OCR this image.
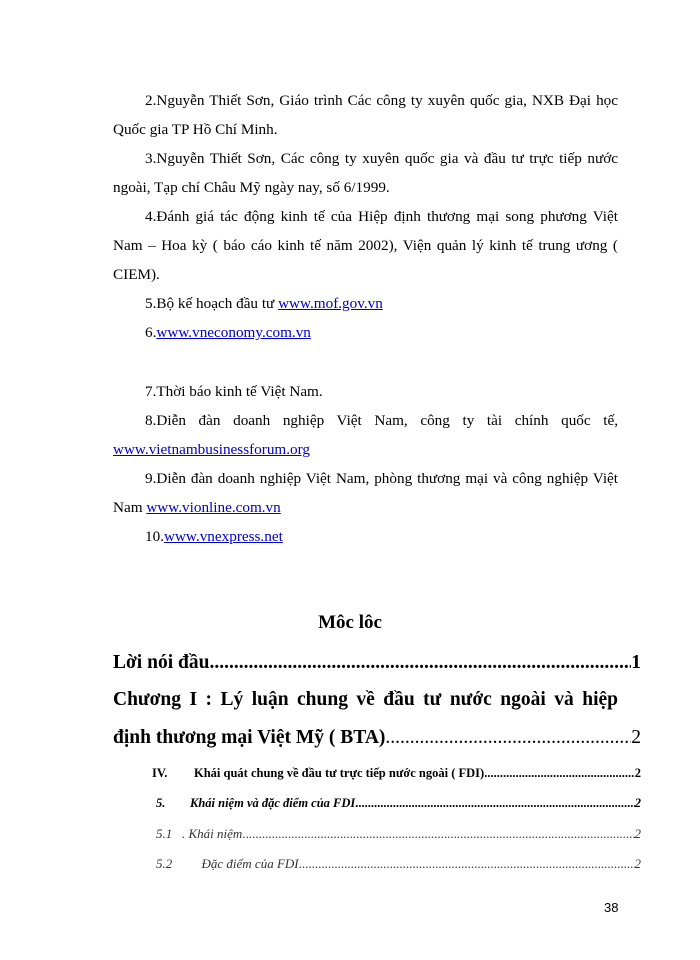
2.Nguyễn Thiết Sơn, Giáo trình Các công ty xuyên quốc gia, NXB Đại học Quốc gia TP Hồ Chí Minh.

3.Nguyễn Thiết Sơn, Các công ty xuyên quốc gia và đầu tư trực tiếp nước ngoài, Tạp chí Châu Mỹ ngày nay, số 6/1999.

4.Đánh giá tác động kinh tế của Hiệp định thương mại song phương Việt Nam – Hoa kỳ ( báo cáo kinh tế năm 2002), Viện quản lý kinh tế trung ương ( CIEM).

5.Bộ kế hoạch đầu tư www.mof.gov.vn

6.www.vneconomy.com.vn

7.Thời báo kinh tế Việt Nam.

8.Diễn đàn doanh nghiệp Việt Nam, công ty tài chính quốc tế, www.vietnambusinessforum.org

9.Diễn đàn doanh nghiệp Việt Nam, phòng thương mại và công nghiệp Việt Nam www.vionline.com.vn

10.www.vnexpress.net

Môc lôc
Lời nói đầu .....	1
Chương I : Lý luận chung về đầu tư nước ngoài và hiệp
định thương mại Việt Mỹ ( BTA) .....	2
IV. Khái quát chung về đầu tư trực tiếp nước ngoài ( FDI) .....	2
5. Khái niệm và đặc điểm của FDI .....	2
5.1 . Khái niệm .....	2
5.2      Đặc điểm của FDI .....	2
38
